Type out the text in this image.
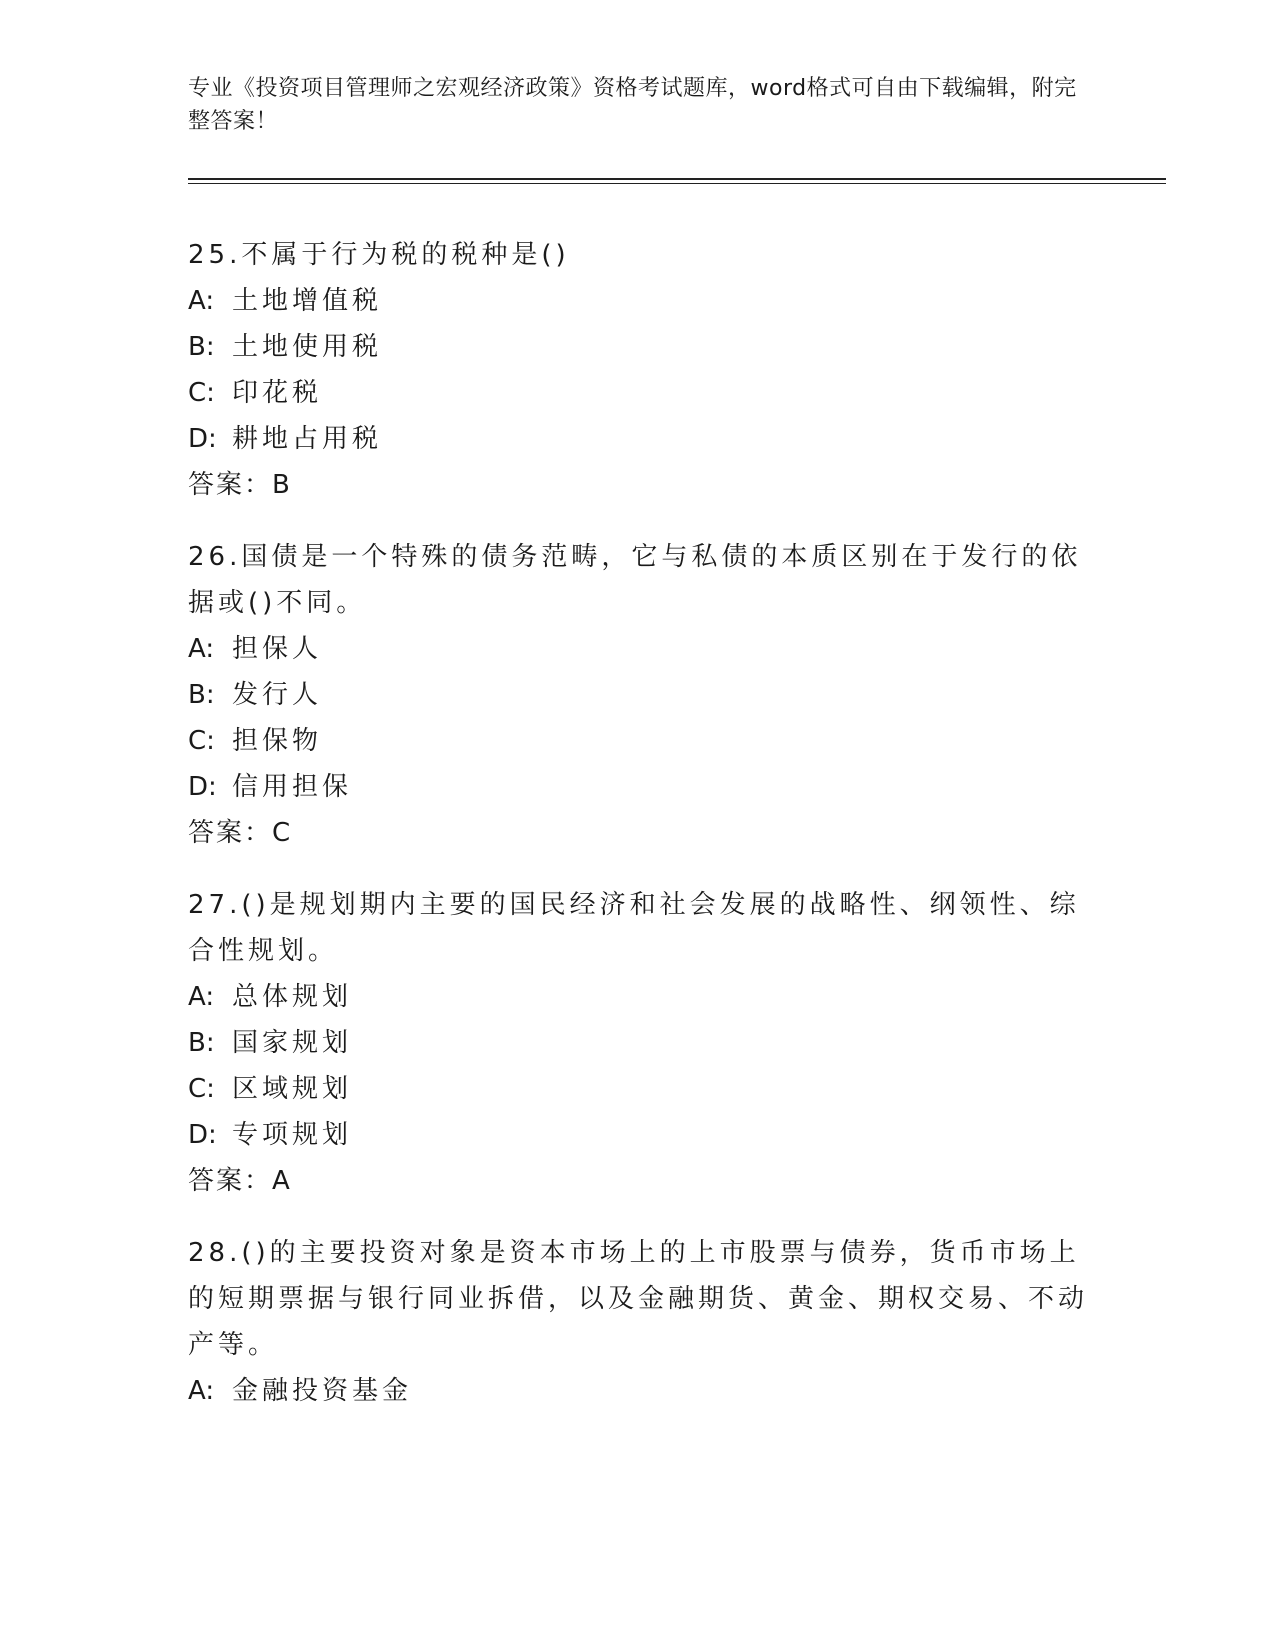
专业《投资项目管理师之宏观经济政策》资格考试题库，word格式可自由下载编辑，附完整答案！

25.不属于行为税的税种是()

A: 土地增值税

B: 土地使用税

C: 印花税

D: 耕地占用税

答案：B

26.国债是一个特殊的债务范畴，它与私债的本质区别在于发行的依据或()不同。

A: 担保人

B: 发行人

C: 担保物

D: 信用担保

答案：C

27.()是规划期内主要的国民经济和社会发展的战略性、纲领性、综合性规划。

A: 总体规划

B: 国家规划

C: 区域规划

D: 专项规划

答案：A

28.()的主要投资对象是资本市场上的上市股票与债券，货币市场上的短期票据与银行同业拆借，以及金融期货、黄金、期权交易、不动产等。

A: 金融投资基金
